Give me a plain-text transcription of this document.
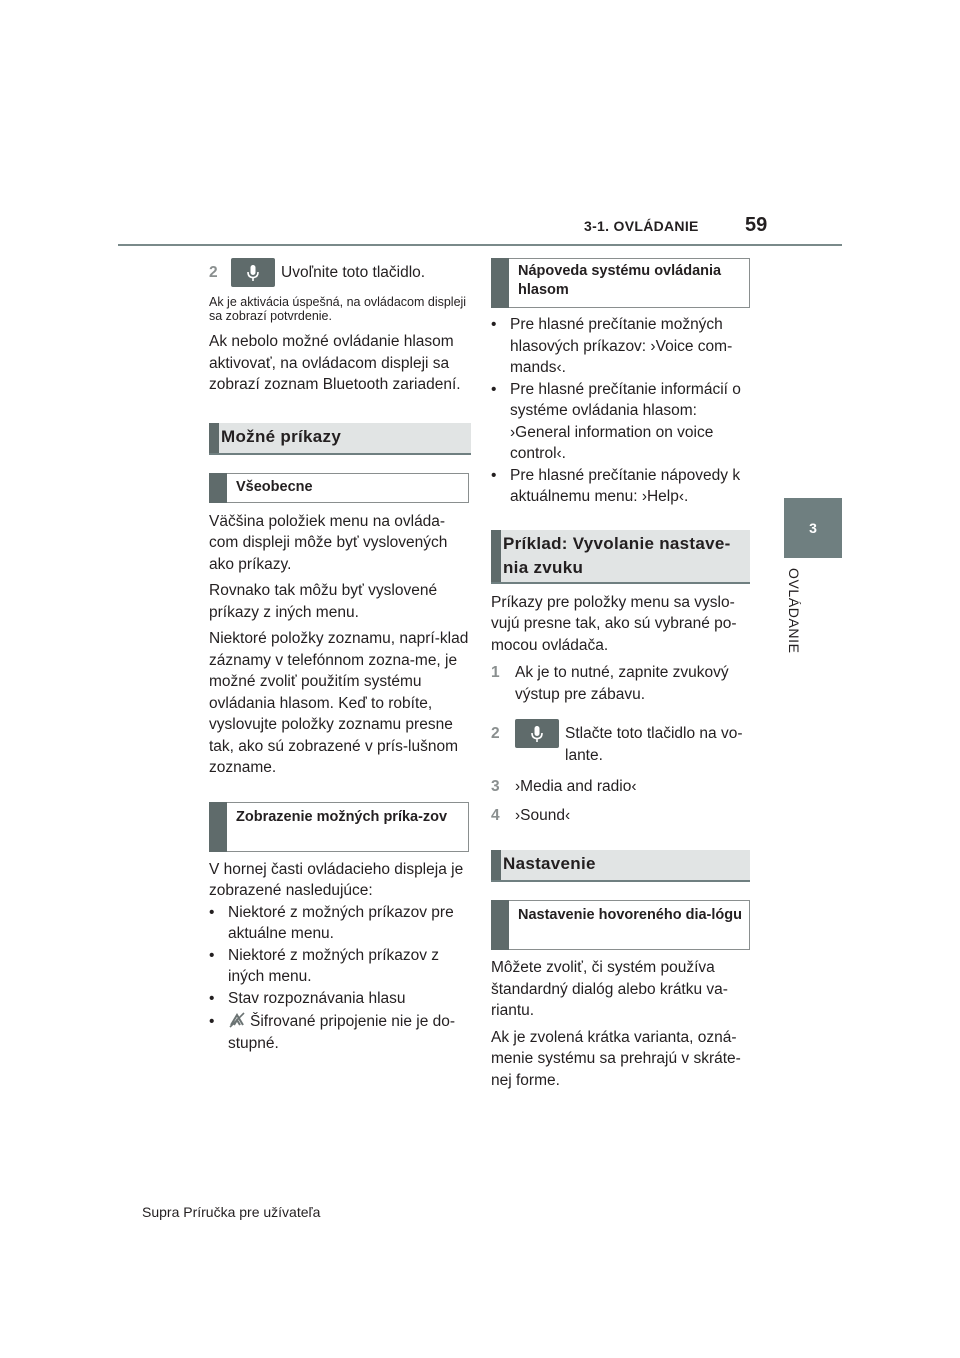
3-1. OVLÁDANIE 59
3
OVLÁDANIE
2	Uvoľnite toto tlačidlo.

Ak je aktivácia úspešná, na ovládacom displeji sa zobrazí potvrdenie.

Ak nebolo možné ovládanie hlasom aktivovať, na ovládacom displeji sa zobrazí zoznam Bluetooth zariadení.

Možné príkazy
Všeobecne

Väčšina položiek menu na ovláda-com displeji môže byť vyslovených ako príkazy.

Rovnako tak môžu byť vyslovené príkazy z iných menu.

Niektoré položky zoznamu, naprí-klad záznamy v telefónnom zozna-me, je možné zvoliť použitím systému ovládania hlasom. Keď to robíte, vyslovujte položky zoznamu presne tak, ako sú zobrazené v prís-lušnom zozname.

Zobrazenie možných príka-zov

V hornej časti ovládacieho displeja je zobrazené nasledujúce:

• Niektoré z možných príkazov pre aktuálne menu.
• Niektoré z možných príkazov z iných menu.
• Stav rozpoznávania hlasu
•	Šifrované pripojenie nie je do-stupné.
Nápoveda systému ovládania hlasom
• Pre hlasné prečítanie možných hlasových príkazov: ›Voice com-mands‹.
• Pre hlasné prečítanie informácií o systéme ovládania hlasom: ›General information on voice control‹.
• Pre hlasné prečítanie nápovedy k aktuálnemu menu: ›Help‹.
Príklad: Vyvolanie nastave-nia zvuku

Príkazy pre položky menu sa vyslo-vujú presne tak, ako sú vybrané po-mocou ovládača.

1 Ak je to nutné, zapnite zvukový výstup pre zábavu.
2	Stlačte toto tlačidlo na vo-lante.
3 ›Media and radio‹
4 ›Sound‹
Nastavenie
Nastavenie hovoreného dia-lógu

Môžete zvoliť, či systém používa štandardný dialóg alebo krátku va-riantu.

Ak je zvolená krátka varianta, ozná-menie systému sa prehrajú v skráte-nej forme.

Supra Príručka pre užívateľa
